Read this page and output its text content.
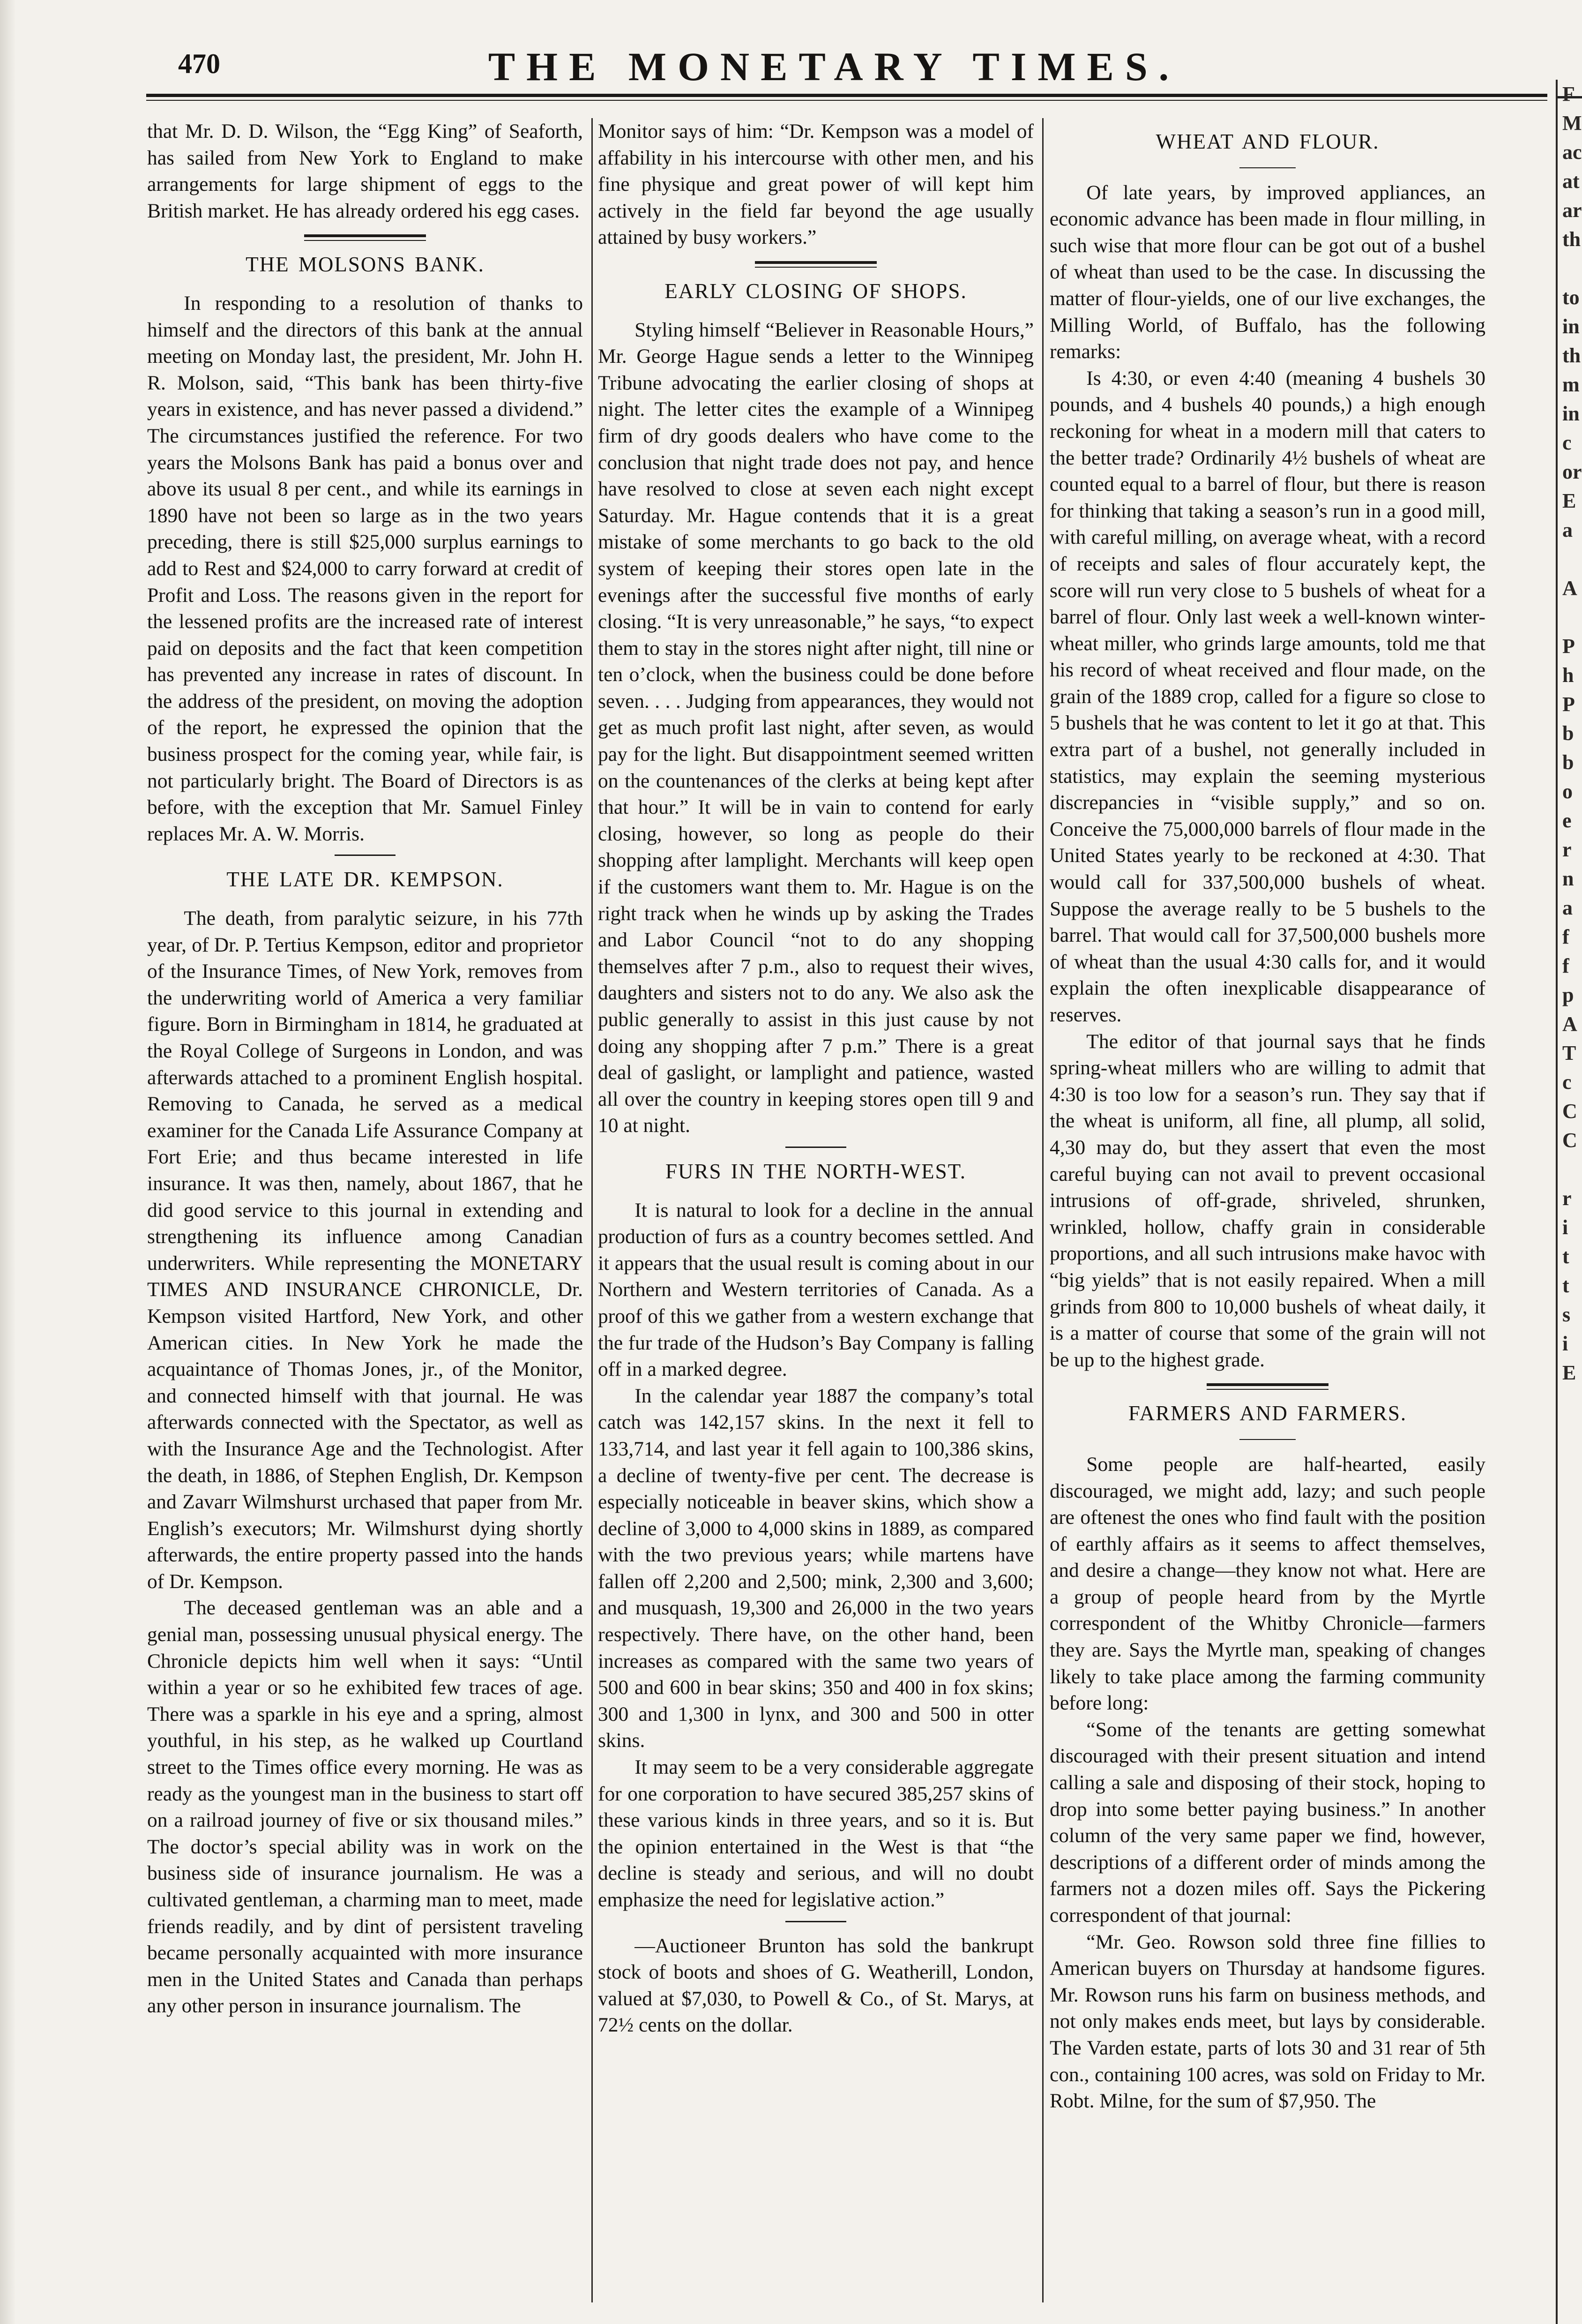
470	THE MONETARY TIMES.

that Mr. D. D. Wilson, the “Egg King” of Seaforth, has sailed from New York to England to make arrangements for large shipment of eggs to the British market. He has already ordered his egg cases.

THE MOLSONS BANK.

In responding to a resolution of thanks to himself and the directors of this bank at the annual meeting on Monday last, the president, Mr. John H. R. Molson, said, “This bank has been thirty-five years in existence, and has never passed a dividend.” The circumstances justified the reference. For two years the Molsons Bank has paid a bonus over and above its usual 8 per cent., and while its earnings in 1890 have not been so large as in the two years preceding, there is still $25,000 surplus earnings to add to Rest and $24,000 to carry forward at credit of Profit and Loss. The reasons given in the report for the lessened profits are the increased rate of interest paid on deposits and the fact that keen competition has prevented any increase in rates of discount. In the address of the president, on moving the adoption of the report, he expressed the opinion that the business prospect for the coming year, while fair, is not particularly bright. The Board of Directors is as before, with the exception that Mr. Samuel Finley replaces Mr. A. W. Morris.

THE LATE DR. KEMPSON.

The death, from paralytic seizure, in his 77th year, of Dr. P. Tertius Kempson, editor and proprietor of the Insurance Times, of New York, removes from the underwriting world of America a very familiar figure. Born in Birmingham in 1814, he graduated at the Royal College of Surgeons in London, and was afterwards attached to a prominent English hospital. Removing to Canada, he served as a medical examiner for the Canada Life Assurance Company at Fort Erie; and thus became interested in life insurance. It was then, namely, about 1867, that he did good service to this journal in extending and strengthening its influence among Canadian underwriters. While representing the MONETARY TIMES AND INSURANCE CHRONICLE, Dr. Kempson visited Hartford, New York, and other American cities. In New York he made the acquaintance of Thomas Jones, jr., of the Monitor, and connected himself with that journal. He was afterwards connected with the Spectator, as well as with the Insurance Age and the Technologist. After the death, in 1886, of Stephen English, Dr. Kempson and Zavarr Wilmshurst urchased that paper from Mr. English’s executors; Mr. Wilmshurst dying shortly afterwards, the entire property passed into the hands of Dr. Kempson.

The deceased gentleman was an able and a genial man, possessing unusual physical energy. The Chronicle depicts him well when it says: “Until within a year or so he exhibited few traces of age. There was a sparkle in his eye and a spring, almost youthful, in his step, as he walked up Courtland street to the Times office every morning. He was as ready as the youngest man in the business to start off on a railroad journey of five or six thousand miles.” The doctor’s special ability was in work on the business side of insurance journalism. He was a cultivated gentleman, a charming man to meet, made friends readily, and by dint of persistent traveling became personally acquainted with more insurance men in the United States and Canada than perhaps any other person in insurance journalism. The

Monitor says of him: “Dr. Kempson was a model of affability in his intercourse with other men, and his fine physique and great power of will kept him actively in the field far beyond the age usually attained by busy workers.”

EARLY CLOSING OF SHOPS.

Styling himself “Believer in Reasonable Hours,” Mr. George Hague sends a letter to the Winnipeg Tribune advocating the earlier closing of shops at night. The letter cites the example of a Winnipeg firm of dry goods dealers who have come to the conclusion that night trade does not pay, and hence have resolved to close at seven each night except Saturday. Mr. Hague contends that it is a great mistake of some merchants to go back to the old system of keeping their stores open late in the evenings after the successful five months of early closing. “It is very unreasonable,” he says, “to expect them to stay in the stores night after night, till nine or ten o’clock, when the business could be done before seven. . . . Judging from appearances, they would not get as much profit last night, after seven, as would pay for the light. But disappointment seemed written on the countenances of the clerks at being kept after that hour.” It will be in vain to contend for early closing, however, so long as people do their shopping after lamplight. Merchants will keep open if the customers want them to. Mr. Hague is on the right track when he winds up by asking the Trades and Labor Council “not to do any shopping themselves after 7 p.m., also to request their wives, daughters and sisters not to do any. We also ask the public generally to assist in this just cause by not doing any shopping after 7 p.m.” There is a great deal of gaslight, or lamplight and patience, wasted all over the country in keeping stores open till 9 and 10 at night.

FURS IN THE NORTH-WEST.

It is natural to look for a decline in the annual production of furs as a country becomes settled. And it appears that the usual result is coming about in our Northern and Western territories of Canada. As a proof of this we gather from a western exchange that the fur trade of the Hudson’s Bay Company is falling off in a marked degree.

In the calendar year 1887 the company’s total catch was 142,157 skins. In the next it fell to 133,714, and last year it fell again to 100,386 skins, a decline of twenty-five per cent. The decrease is especially noticeable in beaver skins, which show a decline of 3,000 to 4,000 skins in 1889, as compared with the two previous years; while martens have fallen off 2,200 and 2,500; mink, 2,300 and 3,600; and musquash, 19,300 and 26,000 in the two years respectively. There have, on the other hand, been increases as compared with the same two years of 500 and 600 in bear skins; 350 and 400 in fox skins; 300 and 1,300 in lynx, and 300 and 500 in otter skins.

It may seem to be a very considerable aggregate for one corporation to have secured 385,257 skins of these various kinds in three years, and so it is. But the opinion entertained in the West is that “the decline is steady and serious, and will no doubt emphasize the need for legislative action.”

—Auctioneer Brunton has sold the bankrupt stock of boots and shoes of G. Weatherill, London, valued at $7,030, to Powell & Co., of St. Marys, at 72½ cents on the dollar.

WHEAT AND FLOUR.

Of late years, by improved appliances, an economic advance has been made in flour milling, in such wise that more flour can be got out of a bushel of wheat than used to be the case. In discussing the matter of flour-yields, one of our live exchanges, the Milling World, of Buffalo, has the following remarks:

Is 4:30, or even 4:40 (meaning 4 bushels 30 pounds, and 4 bushels 40 pounds,) a high enough reckoning for wheat in a modern mill that caters to the better trade? Ordinarily 4½ bushels of wheat are counted equal to a barrel of flour, but there is reason for thinking that taking a season’s run in a good mill, with careful milling, on average wheat, with a record of receipts and sales of flour accurately kept, the score will run very close to 5 bushels of wheat for a barrel of flour. Only last week a well-known winter-wheat miller, who grinds large amounts, told me that his record of wheat received and flour made, on the grain of the 1889 crop, called for a figure so close to 5 bushels that he was content to let it go at that. This extra part of a bushel, not generally included in statistics, may explain the seeming mysterious discrepancies in “visible supply,” and so on. Conceive the 75,000,000 barrels of flour made in the United States yearly to be reckoned at 4:30. That would call for 337,500,000 bushels of wheat. Suppose the average really to be 5 bushels to the barrel. That would call for 37,500,000 bushels more of wheat than the usual 4:30 calls for, and it would explain the often inexplicable disappearance of reserves.

The editor of that journal says that he finds spring-wheat millers who are willing to admit that 4:30 is too low for a season’s run. They say that if the wheat is uniform, all fine, all plump, all solid, 4,30 may do, but they assert that even the most careful buying can not avail to prevent occasional intrusions of off-grade, shriveled, shrunken, wrinkled, hollow, chaffy grain in considerable proportions, and all such intrusions make havoc with “big yields” that is not easily repaired. When a mill grinds from 800 to 10,000 bushels of wheat daily, it is a matter of course that some of the grain will not be up to the highest grade.

FARMERS AND FARMERS.

Some people are half-hearted, easily discouraged, we might add, lazy; and such people are oftenest the ones who find fault with the position of earthly affairs as it seems to affect themselves, and desire a change—they know not what. Here are a group of people heard from by the Myrtle correspondent of the Whitby Chronicle—farmers they are. Says the Myrtle man, speaking of changes likely to take place among the farming community before long:

“Some of the tenants are getting somewhat discouraged with their present situation and intend calling a sale and disposing of their stock, hoping to drop into some better paying business.” In another column of the very same paper we find, however, descriptions of a different order of minds among the farmers not a dozen miles off. Says the Pickering correspondent of that journal:

“Mr. Geo. Rowson sold three fine fillies to American buyers on Thursday at handsome figures. Mr. Rowson runs his farm on business methods, and not only makes ends meet, but lays by considerable. The Varden estate, parts of lots 30 and 31 rear of 5th con., containing 100 acres, was sold on Friday to Mr. Robt. Milne, for the sum of $7,950. The

F
M
ac
at
ar
th

to
in
th
m
in
c
or
E
a

A

P
h
P
b
b
o
e
r
n
a
f
f
p
A
T
c
C
C

r
i
t
t
s
i
E
